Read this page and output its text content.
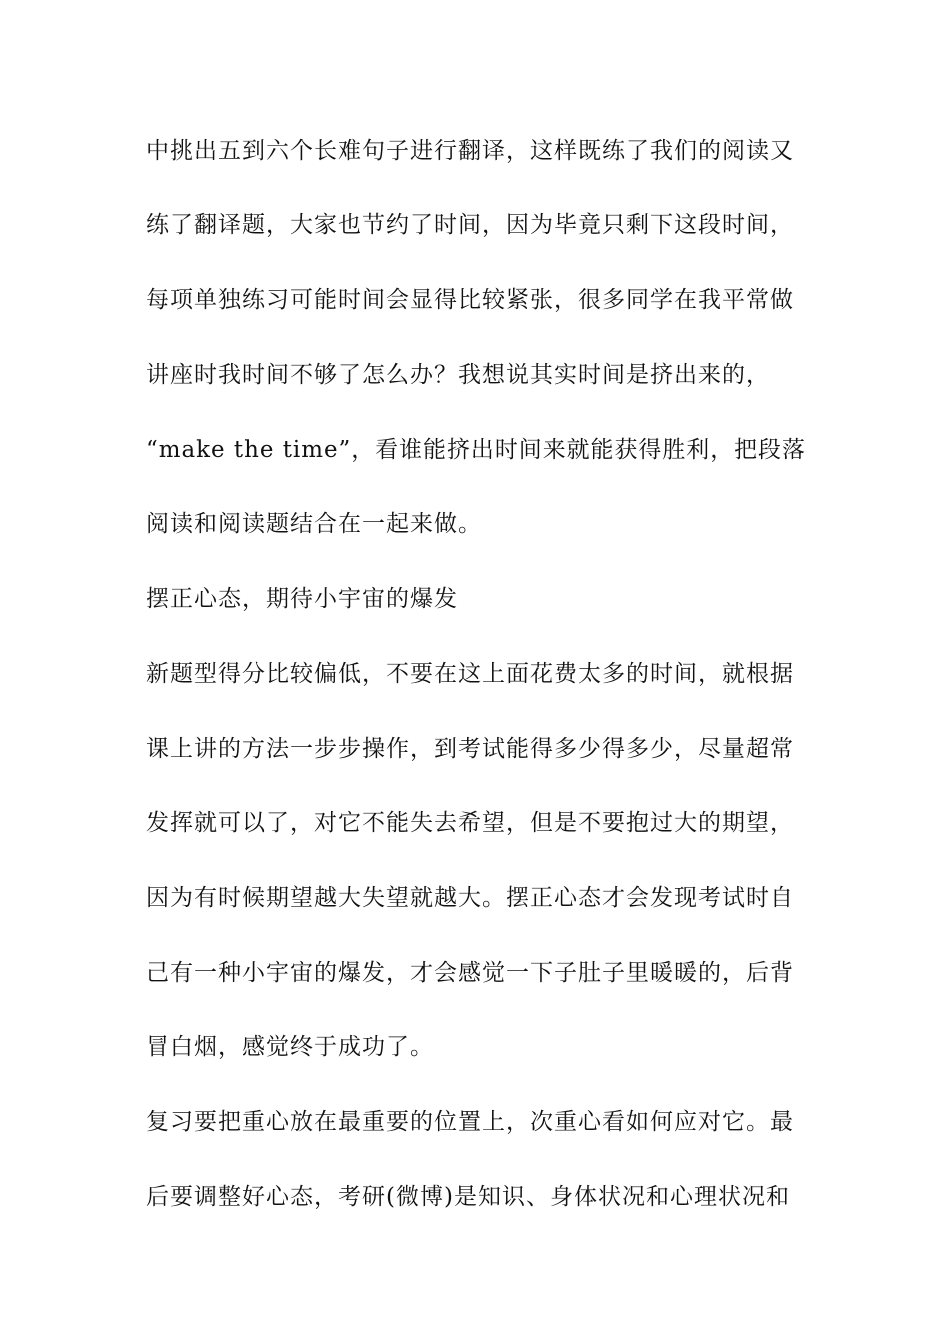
中挑出五到六个长难句子进行翻译，这样既练了我们的阅读又
练了翻译题，大家也节约了时间，因为毕竟只剩下这段时间，
每项单独练习可能时间会显得比较紧张，很多同学在我平常做
讲座时我时间不够了怎么办？我想说其实时间是挤出来的，
“make the time”，看谁能挤出时间来就能获得胜利，把段落
阅读和阅读题结合在一起来做。
摆正心态，期待小宇宙的爆发
新题型得分比较偏低，不要在这上面花费太多的时间，就根据
课上讲的方法一步步操作，到考试能得多少得多少，尽量超常
发挥就可以了，对它不能失去希望，但是不要抱过大的期望，
因为有时候期望越大失望就越大。摆正心态才会发现考试时自
己有一种小宇宙的爆发，才会感觉一下子肚子里暖暖的，后背
冒白烟，感觉终于成功了。
复习要把重心放在最重要的位置上，次重心看如何应对它。最
后要调整好心态，考研(微博)是知识、身体状况和心理状况和
